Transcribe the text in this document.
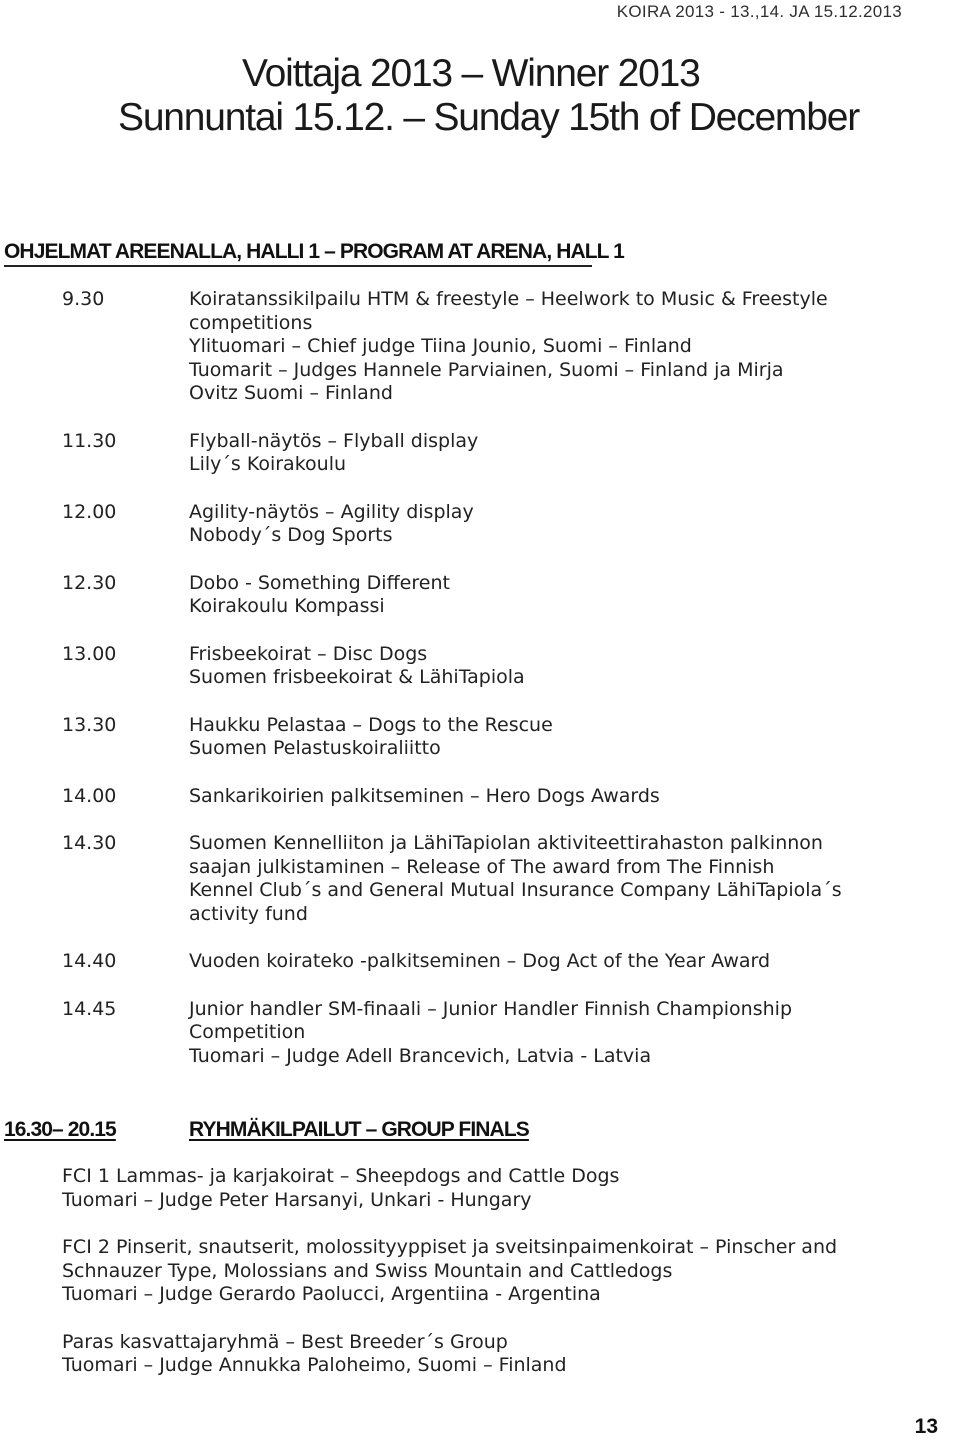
KOIRA 2013 - 13.,14. JA 15.12.2013
Voittaja 2013 – Winner 2013
Sunnuntai 15.12. – Sunday 15th of December
OHJELMAT AREENALLA, HALLI 1 – PROGRAM AT ARENA, HALL 1
9.30	Koiratanssikilpailu HTM & freestyle – Heelwork to Music & Freestyle
competitions
Ylituomari – Chief judge Tiina Jounio, Suomi – Finland
Tuomarit – Judges Hannele Parviainen, Suomi – Finland ja Mirja
Ovitz Suomi – Finland
11.30	Flyball-näytös – Flyball display
Lily´s Koirakoulu
12.00	Agility-näytös – Agility display
Nobody´s Dog Sports
12.30	Dobo - Something Different
Koirakoulu Kompassi
13.00	Frisbeekoirat – Disc Dogs
Suomen frisbeekoirat & LähiTapiola
13.30	Haukku Pelastaa – Dogs to the Rescue
Suomen Pelastuskoiraliitto
14.00	Sankarikoirien palkitseminen – Hero Dogs Awards
14.30	Suomen Kennelliiton ja LähiTapiolan aktiviteettirahaston palkinnon
saajan julkistaminen – Release of The award from The Finnish
Kennel Club´s and General Mutual Insurance Company LähiTapiola´s
activity fund
14.40	Vuoden koirateko -palkitseminen – Dog Act of the Year Award
14.45	Junior handler SM-finaali – Junior Handler Finnish Championship
Competition
Tuomari – Judge Adell Brancevich, Latvia - Latvia
16.30– 20.15	RYHMÄKILPAILUT – GROUP FINALS
FCI 1 Lammas- ja karjakoirat – Sheepdogs and Cattle Dogs
Tuomari – Judge Peter Harsanyi, Unkari - Hungary
FCI 2 Pinserit, snautserit, molossityyppiset ja sveitsinpaimenkoirat – Pinscher and
Schnauzer Type, Molossians and Swiss Mountain and Cattledogs
Tuomari – Judge Gerardo Paolucci, Argentiina - Argentina
Paras kasvattajaryhmä – Best Breeder´s Group
Tuomari – Judge Annukka Paloheimo, Suomi – Finland
13
